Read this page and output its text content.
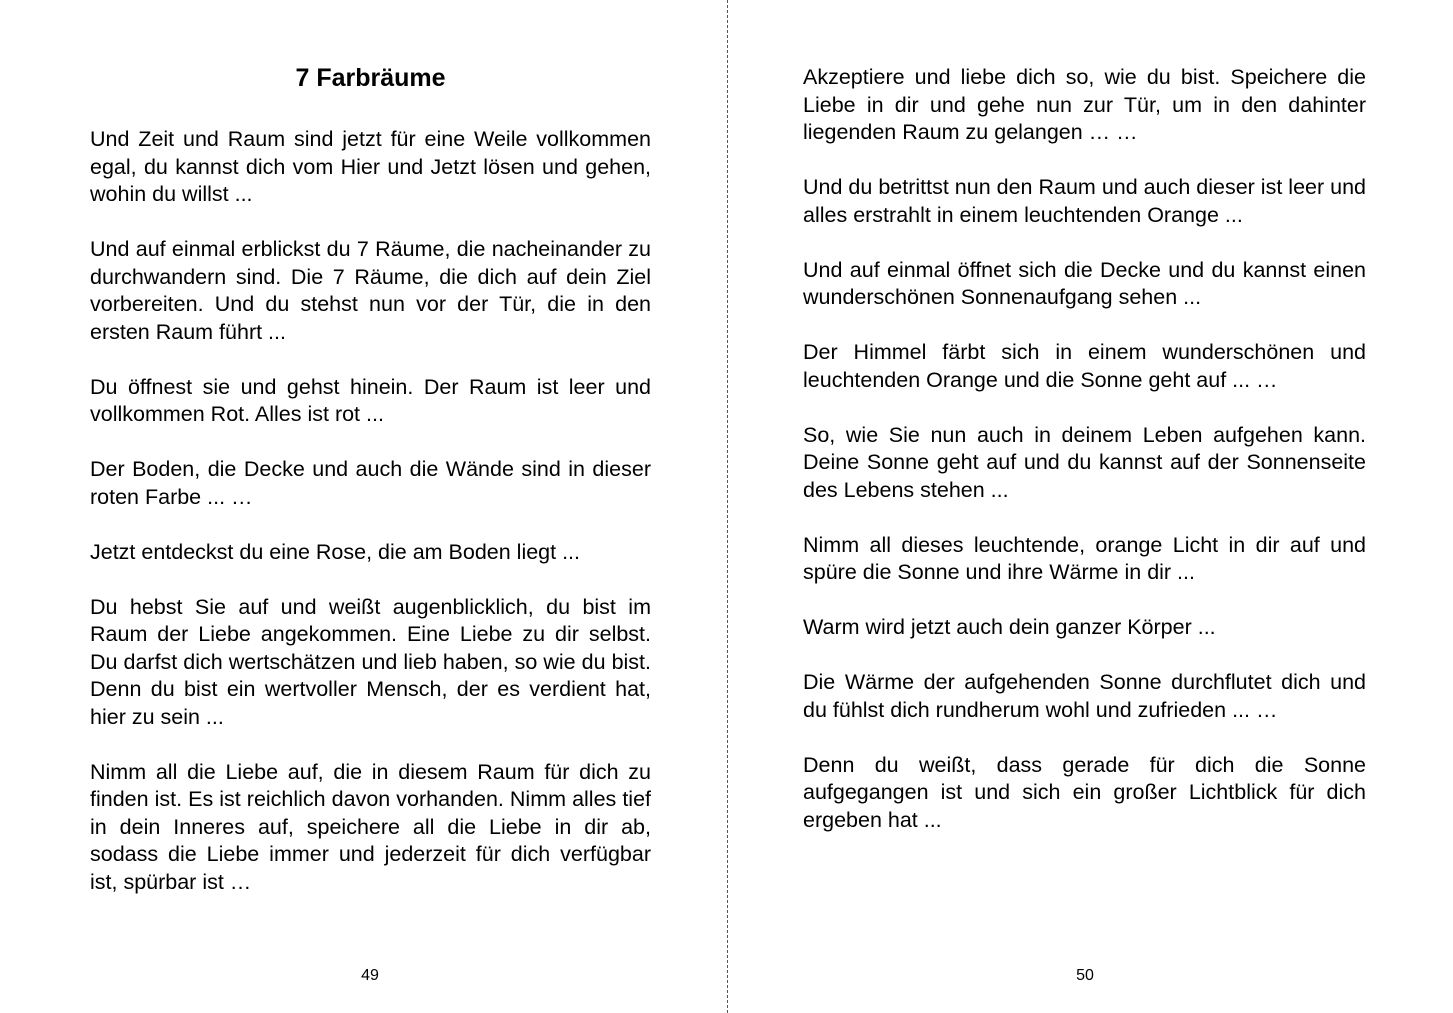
7 Farbräume

Und Zeit und Raum sind jetzt für eine Weile vollkommen egal, du kannst dich vom Hier und Jetzt lösen und gehen, wohin du willst ...

Und auf einmal erblickst du 7 Räume, die nacheinander zu durchwandern sind. Die 7 Räume, die dich auf dein Ziel vorbereiten. Und du stehst nun vor der Tür, die in den ersten Raum führt ...

Du öffnest sie und gehst hinein. Der Raum ist leer und vollkommen Rot. Alles ist rot ...

Der Boden, die Decke und auch die Wände sind in dieser roten Farbe ... …

Jetzt entdeckst du eine Rose, die am Boden liegt ...

Du hebst Sie auf und weißt augenblicklich, du bist im Raum der Liebe angekommen. Eine Liebe zu dir selbst. Du darfst dich wertschätzen und lieb haben, so wie du bist. Denn du bist ein wertvoller Mensch, der es verdient hat, hier zu sein ...

Nimm all die Liebe auf, die in diesem Raum für dich zu finden ist. Es ist reichlich davon vorhanden. Nimm alles tief in dein Inneres auf, speichere all die Liebe in dir ab, sodass die Liebe immer und jederzeit für dich verfügbar ist, spürbar ist …

49

Akzeptiere und liebe dich so, wie du bist. Speichere die Liebe in dir und gehe nun zur Tür, um in den dahinter liegenden Raum zu gelangen … …

Und du betrittst nun den Raum und auch dieser ist leer und alles erstrahlt in einem leuchtenden Orange ...

Und auf einmal öffnet sich die Decke und du kannst einen wunderschönen Sonnenaufgang sehen ...

Der Himmel färbt sich in einem wunderschönen und leuchtenden Orange und die Sonne geht auf ... …

So, wie Sie nun auch in deinem Leben aufgehen kann. Deine Sonne geht auf und du kannst auf der Sonnenseite des Lebens stehen ...

Nimm all dieses leuchtende, orange Licht in dir auf und spüre die Sonne und ihre Wärme in dir ...

Warm wird jetzt auch dein ganzer Körper ...

Die Wärme der aufgehenden Sonne durchflutet dich und du fühlst dich rundherum wohl und zufrieden ... …

Denn du weißt, dass gerade für dich die Sonne aufgegangen ist und sich ein großer Lichtblick für dich ergeben hat ...

50
